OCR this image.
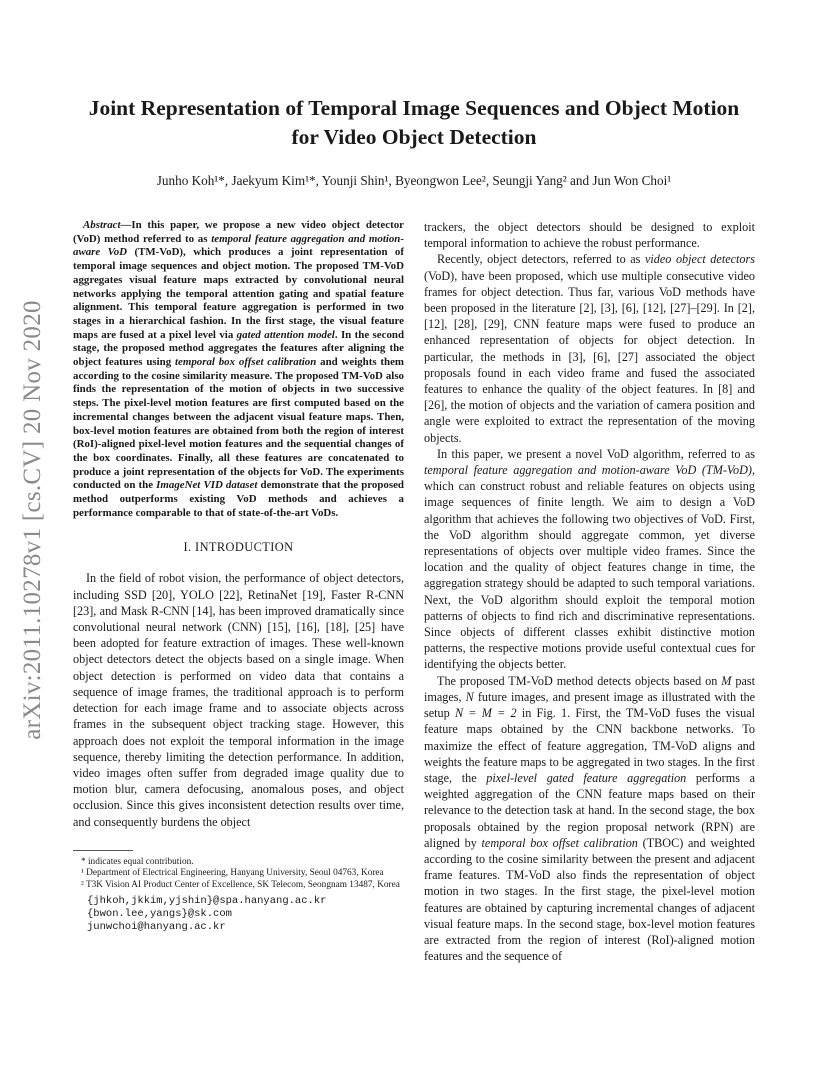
arXiv:2011.10278v1 [cs.CV] 20 Nov 2020
Joint Representation of Temporal Image Sequences and Object Motion
for Video Object Detection

Junho Koh¹*, Jaekyum Kim¹*, Younji Shin¹, Byeongwon Lee², Seungji Yang² and Jun Won Choi¹

Abstract—In this paper, we propose a new video object detector (VoD) method referred to as temporal feature aggregation and motion-aware VoD (TM-VoD), which produces a joint representation of temporal image sequences and object motion. The proposed TM-VoD aggregates visual feature maps extracted by convolutional neural networks applying the temporal attention gating and spatial feature alignment. This temporal feature aggregation is performed in two stages in a hierarchical fashion. In the first stage, the visual feature maps are fused at a pixel level via gated attention model. In the second stage, the proposed method aggregates the features after aligning the object features using temporal box offset calibration and weights them according to the cosine similarity measure. The proposed TM-VoD also finds the representation of the motion of objects in two successive steps. The pixel-level motion features are first computed based on the incremental changes between the adjacent visual feature maps. Then, box-level motion features are obtained from both the region of interest (RoI)-aligned pixel-level motion features and the sequential changes of the box coordinates. Finally, all these features are concatenated to produce a joint representation of the objects for VoD. The experiments conducted on the ImageNet VID dataset demonstrate that the proposed method outperforms existing VoD methods and achieves a performance comparable to that of state-of-the-art VoDs.

I. INTRODUCTION

In the field of robot vision, the performance of object detectors, including SSD [20], YOLO [22], RetinaNet [19], Faster R-CNN [23], and Mask R-CNN [14], has been improved dramatically since convolutional neural network (CNN) [15], [16], [18], [25] have been adopted for feature extraction of images. These well-known object detectors detect the objects based on a single image. When object detection is performed on video data that contains a sequence of image frames, the traditional approach is to perform detection for each image frame and to associate objects across frames in the subsequent object tracking stage. However, this approach does not exploit the temporal information in the image sequence, thereby limiting the detection performance. In addition, video images often suffer from degraded image quality due to motion blur, camera defocusing, anomalous poses, and object occlusion. Since this gives inconsistent detection results over time, and consequently burdens the object

* indicates equal contribution.

¹ Department of Electrical Engineering, Hanyang University, Seoul 04763, Korea

² T3K Vision AI Product Center of Excellence, SK Telecom, Seongnam 13487, Korea

{jhkoh,jkkim,yjshin}@spa.hanyang.ac.kr
{bwon.lee,yangs}@sk.com
junwchoi@hanyang.ac.kr

trackers, the object detectors should be designed to exploit temporal information to achieve the robust performance.

Recently, object detectors, referred to as video object detectors (VoD), have been proposed, which use multiple consecutive video frames for object detection. Thus far, various VoD methods have been proposed in the literature [2], [3], [6], [12], [27]–[29]. In [2], [12], [28], [29], CNN feature maps were fused to produce an enhanced representation of objects for object detection. In particular, the methods in [3], [6], [27] associated the object proposals found in each video frame and fused the associated features to enhance the quality of the object features. In [8] and [26], the motion of objects and the variation of camera position and angle were exploited to extract the representation of the moving objects.

In this paper, we present a novel VoD algorithm, referred to as temporal feature aggregation and motion-aware VoD (TM-VoD), which can construct robust and reliable features on objects using image sequences of finite length. We aim to design a VoD algorithm that achieves the following two objectives of VoD. First, the VoD algorithm should aggregate common, yet diverse representations of objects over multiple video frames. Since the location and the quality of object features change in time, the aggregation strategy should be adapted to such temporal variations. Next, the VoD algorithm should exploit the temporal motion patterns of objects to find rich and discriminative representations. Since objects of different classes exhibit distinctive motion patterns, the respective motions provide useful contextual cues for identifying the objects better.

The proposed TM-VoD method detects objects based on M past images, N future images, and present image as illustrated with the setup N = M = 2 in Fig. 1. First, the TM-VoD fuses the visual feature maps obtained by the CNN backbone networks. To maximize the effect of feature aggregation, TM-VoD aligns and weights the feature maps to be aggregated in two stages. In the first stage, the pixel-level gated feature aggregation performs a weighted aggregation of the CNN feature maps based on their relevance to the detection task at hand. In the second stage, the box proposals obtained by the region proposal network (RPN) are aligned by temporal box offset calibration (TBOC) and weighted according to the cosine similarity between the present and adjacent frame features. TM-VoD also finds the representation of object motion in two stages. In the first stage, the pixel-level motion features are obtained by capturing incremental changes of adjacent visual feature maps. In the second stage, box-level motion features are extracted from the region of interest (RoI)-aligned motion features and the sequence of
